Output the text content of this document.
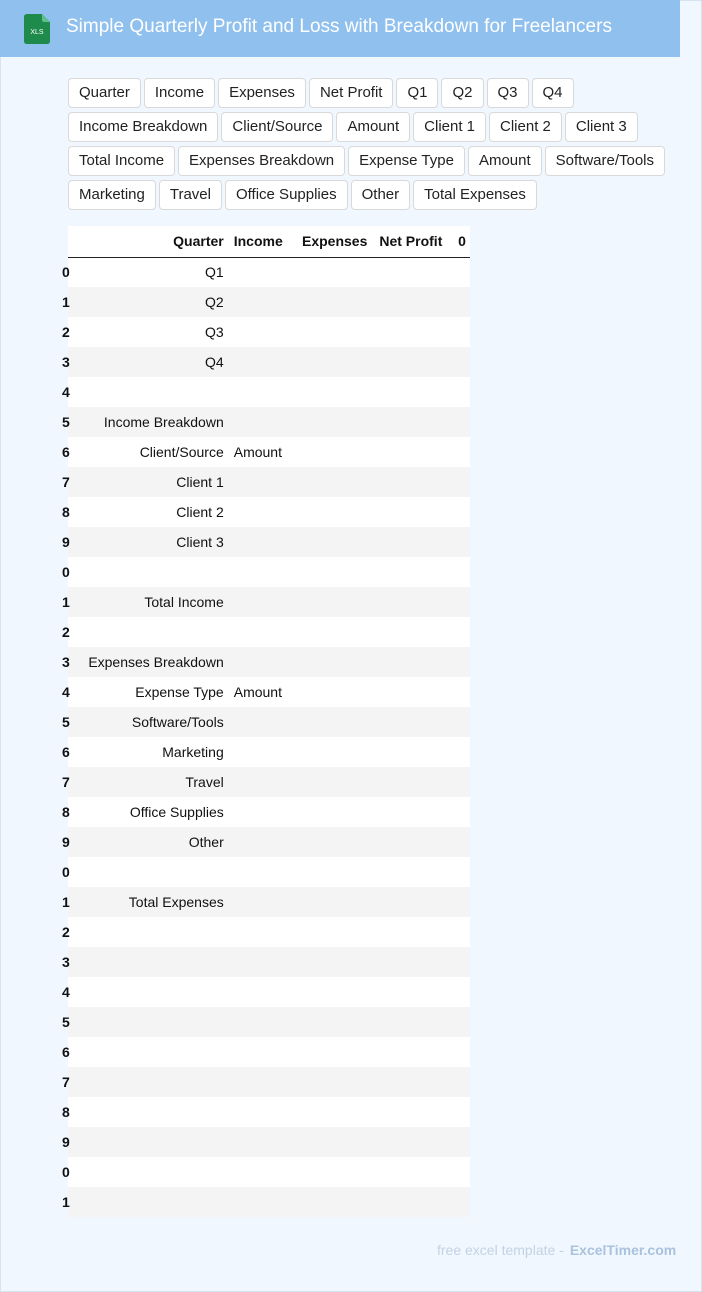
XLS Simple Quarterly Profit and Loss with Breakdown for Freelancers
Quarter	Income	Expenses	Net Profit	Q1	Q2	Q3	Q4
Income Breakdown	Client/Source	Amount	Client 1	Client 2	Client 3
Total Income	Expenses Breakdown	Expense Type	Amount	Software/Tools
Marketing	Travel	Office Supplies	Other	Total Expenses
	Quarter	Income	Expenses	Net Profit	0

0	Q1				

1	Q2				

2	Q3				

3	Q4				

4					

5	Income Breakdown				

6	Client/Source	Amount			

7	Client 1				

8	Client 2				

9	Client 3				

0					

1	Total Income				

2					

3	Expenses Breakdown				

4	Expense Type	Amount			

5	Software/Tools				

6	Marketing				

7	Travel				

8	Office Supplies				

9	Other				

0					

1	Total Expenses				

2					

3					

4					

5					

6					

7					

8					

9					

0					

1					

free excel template - ExcelTimer.com
